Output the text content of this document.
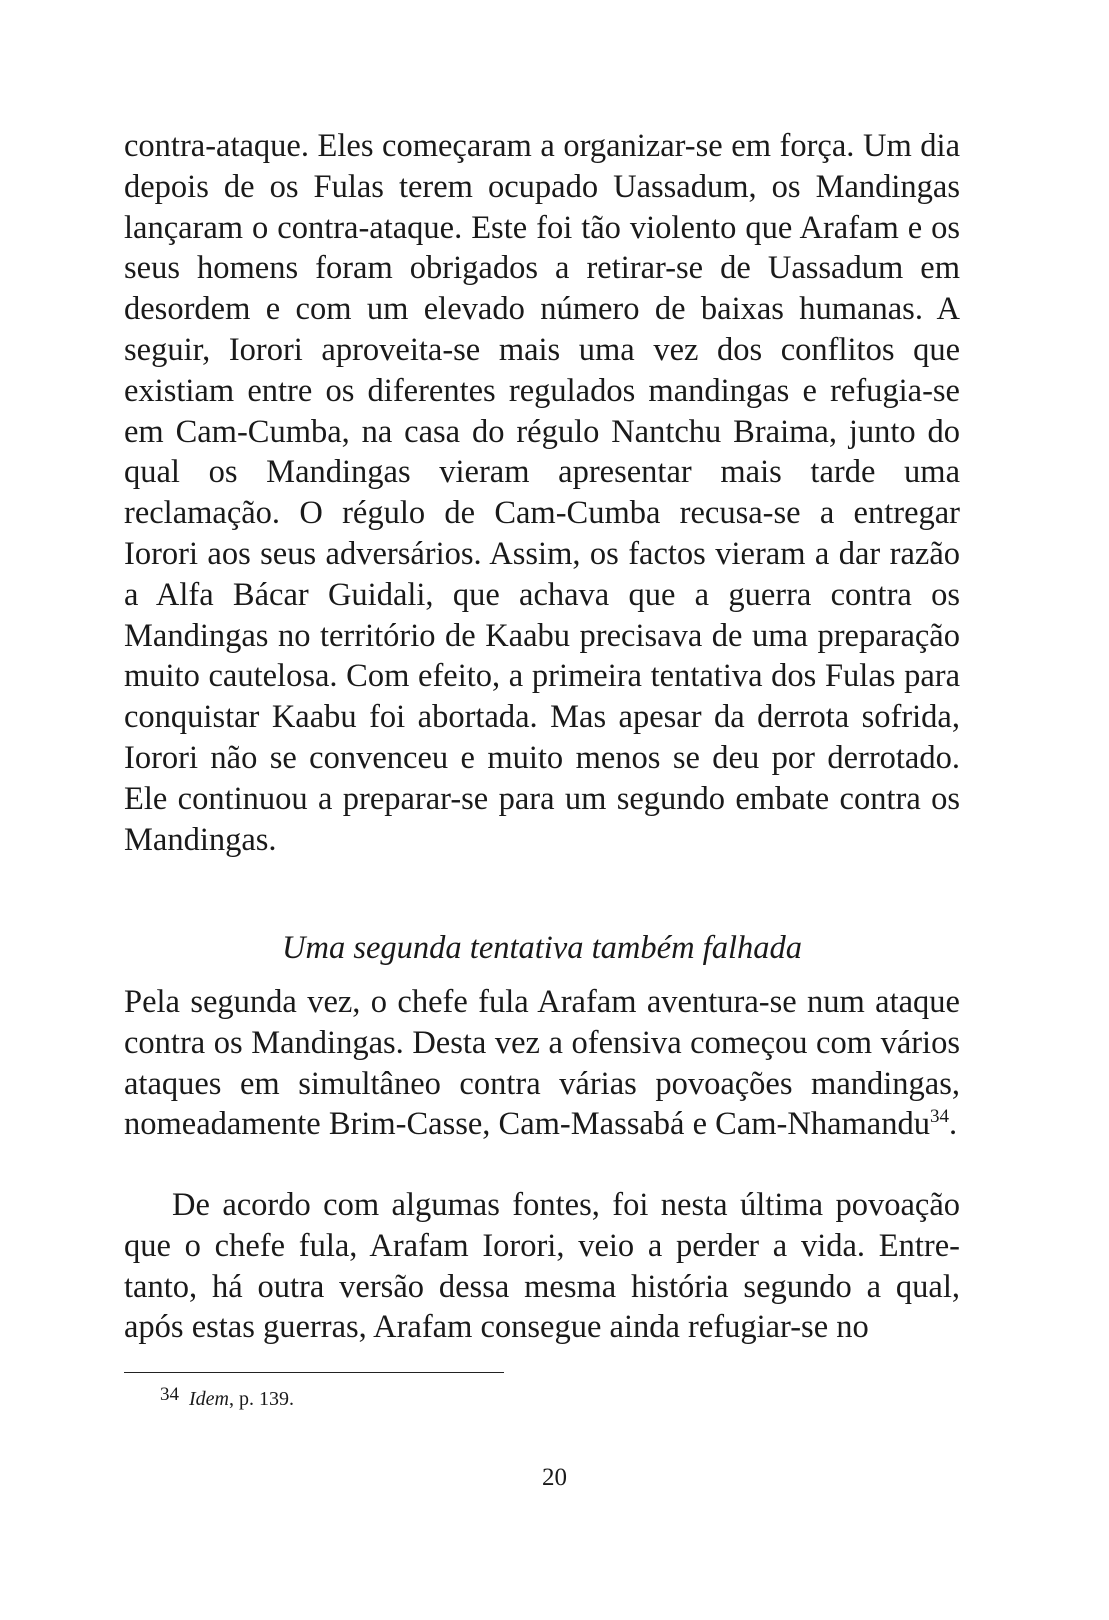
contra-ataque. Eles começaram a organizar-se em força. Um dia depois de os Fulas terem ocupado Uassadum, os Mandingas lançaram o contra-ataque. Este foi tão violento que Arafam e os seus homens foram obrigados a retirar-se de Uassadum em desordem e com um elevado número de baixas humanas. A seguir, Iorori aproveita-se mais uma vez dos conflitos que existiam entre os diferentes regulados mandingas e refugia-se em Cam-Cumba, na casa do régulo Nantchu Braima, junto do qual os Mandingas vieram apresentar mais tarde uma reclamação. O régulo de Cam-Cumba recusa-se a entregar Iorori aos seus adversários. Assim, os factos vieram a dar razão a Alfa Bácar Guidali, que achava que a guerra contra os Mandingas no território de Kaabu precisava de uma preparação muito cautelosa. Com efeito, a primeira tentativa dos Fulas para conquistar Kaabu foi abortada. Mas apesar da derrota sofrida, Iorori não se convenceu e muito menos se deu por derrotado. Ele continuou a preparar-se para um segundo embate contra os Mandingas.

Uma segunda tentativa também falhada

Pela segunda vez, o chefe fula Arafam aventura-se num ataque contra os Mandingas. Desta vez a ofensiva começou com vários ataques em simultâneo contra várias povoações mandingas, nomeadamente Brim-Casse, Cam-Massabá e Cam-Nhamandu$^{34}$.

De acordo com algumas fontes, foi nesta última povoação que o chefe fula, Arafam Iorori, veio a perder a vida. Entretanto, há outra versão dessa mesma história segundo a qual, após estas guerras, Arafam consegue ainda refugiar-se no

34 Idem, p. 139.
20
